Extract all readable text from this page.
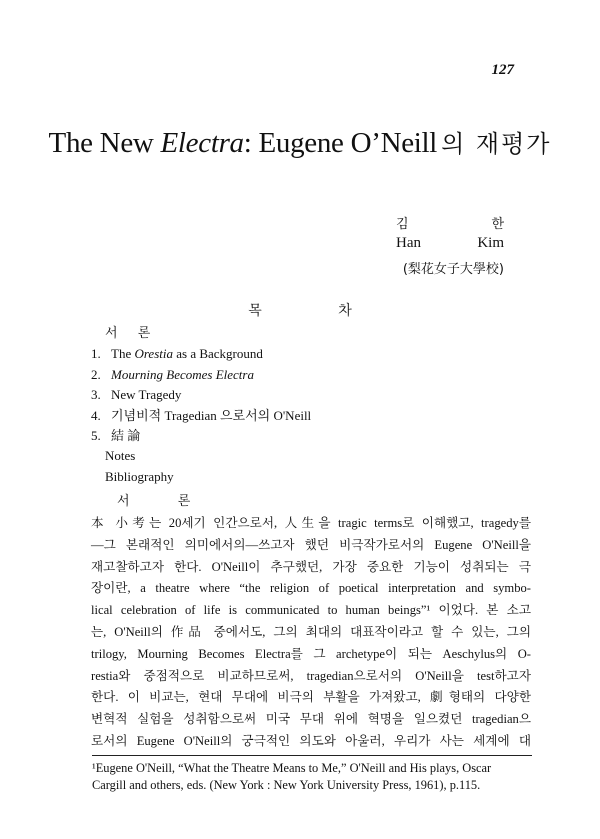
127
The New Electra: Eugene O’Neill 의 재평가
김	한
Han	Kim
(梨花女子大學校)
목 차
서 론
1. The Orestia as a Background
2. Mourning Becomes Electra
3. New Tragedy
4. 기념비적 Tragedian 으로서의 O'Neill
5. 結 論
Notes
Bibliography
서 론
本 小考는 20세기 인간으로서, 人生을 tragic terms로 이해했고, tragedy를
—그 본래적인 의미에서의—쓰고자 했던 비극작가로서의 Eugene O'Neill을
재고찰하고자 한다. O'Neill이 추구했던, 가장 중요한 기능이 성취되는 극
장이란, a theatre where “the religion of poetical interpretation and symbo-
lical celebration of life is communicated to human beings”¹ 이었다. 본 소고
는, O'Neill의 作品 중에서도, 그의 최대의 대표작이라고 할 수 있는, 그의
trilogy, Mourning Becomes Electra를 그 archetype이 되는 Aeschylus의 O-
restia와 중점적으로 비교하므로써, tragedian으로서의 O'Neill을 test하고자
한다. 이 비교는, 현대 무대에 비극의 부활을 가져왔고, 劇형태의 다양한
변혁적 실험을 성취함으로써 미국 무대 위에 혁명을 일으켰던 tragedian으
로서의 Eugene O'Neill의 궁극적인 의도와 아울러, 우리가 사는 세계에 대
¹Eugene O'Neill, “What the Theatre Means to Me,” O'Neill and His plays, Oscar
Cargill and others, eds. (New York : New York University Press, 1961), p.115.
